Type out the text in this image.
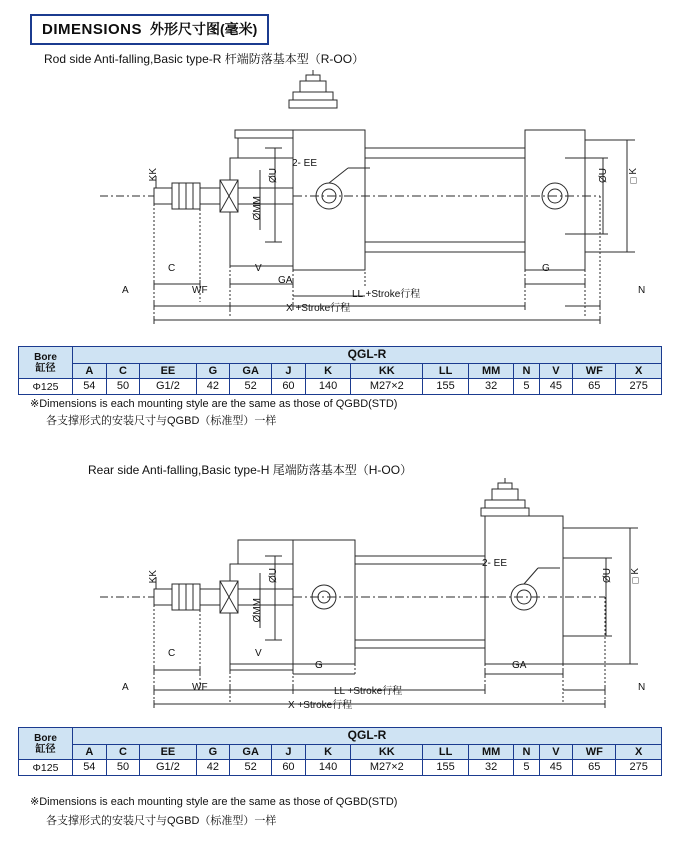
DIMENSIONS 外形尺寸图(毫米)
Rod side Anti-falling,Basic type-R 杆端防落基本型（R-OO）
KK
ØMM
ØU	ØU □K
2- EE
C	V
GA
G
A	WF	LL +Stroke行程	N
X +Stroke行程
Bore
缸径	QGL-R													
	A	C	EE	G	GA	J	K	KK	LL	MM	N	V	WF	X
Φ125	54	50	G1/2	42	52	60	140	M27×2	155	32	5	45	65	275
※Dimensions is each mounting style are the same as those of QGBD(STD)
各支撑形式的安装尺寸与QGBD（标准型）一样
Rear side Anti-falling,Basic type-H 尾端防落基本型（H-OO）
KK
ØMM
ØU	ØU □K
2- EE
C	V
G	GA
A	WF	LL +Stroke行程	N
X +Stroke行程
Bore
缸径	QGL-R													
	A	C	EE	G	GA	J	K	KK	LL	MM	N	V	WF	X
Φ125	54	50	G1/2	42	52	60	140	M27×2	155	32	5	45	65	275
※Dimensions is each mounting style are the same as those of QGBD(STD)
各支撑形式的安装尺寸与QGBD（标准型）一样
